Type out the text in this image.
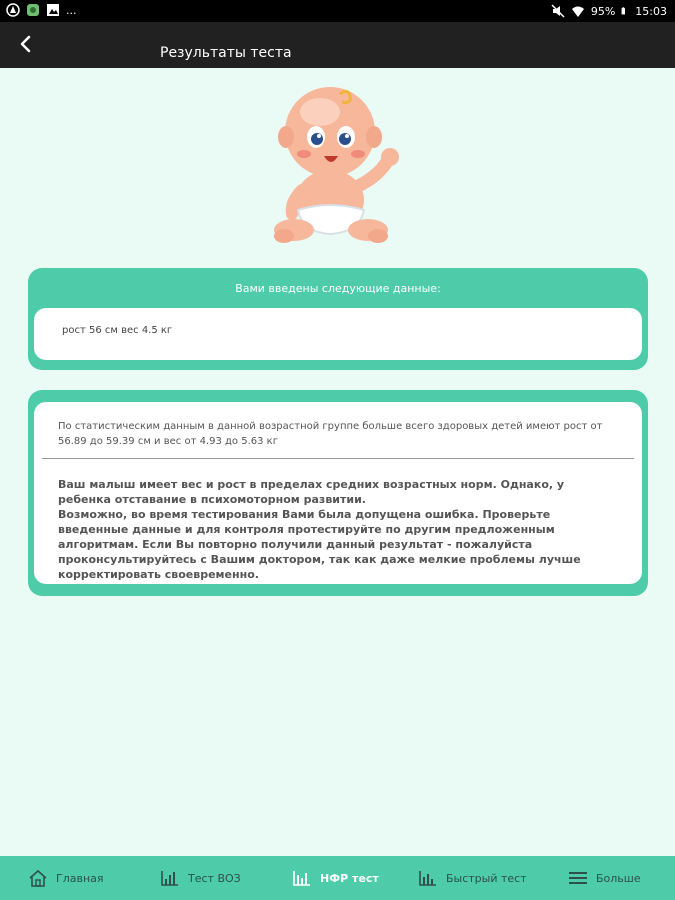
...	95% 15:03
Результаты теста
Вами введены следующие данные:
рост 56 см вес 4.5 кг
По статистическим данным в данной возрастной группе больше всего здоровых детей имеют рост от 56.89 до 59.39 см и вес от 4.93 до 5.63 кг
Ваш малыш имеет вес и рост в пределах средних возрастных норм. Однако, у ребенка отставание в психомоторном развитии.
Возможно, во время тестирования Вами была допущена ошибка. Проверьте введенные данные и для контроля протестируйте по другим предложенным алгоритмам. Если Вы повторно получили данный результат - пожалуйста проконсультируйтесь с Вашим доктором, так как даже мелкие проблемы лучше корректировать своевременно.
Главная	Тест ВОЗ	НФР тест	Быстрый тест	Больше
